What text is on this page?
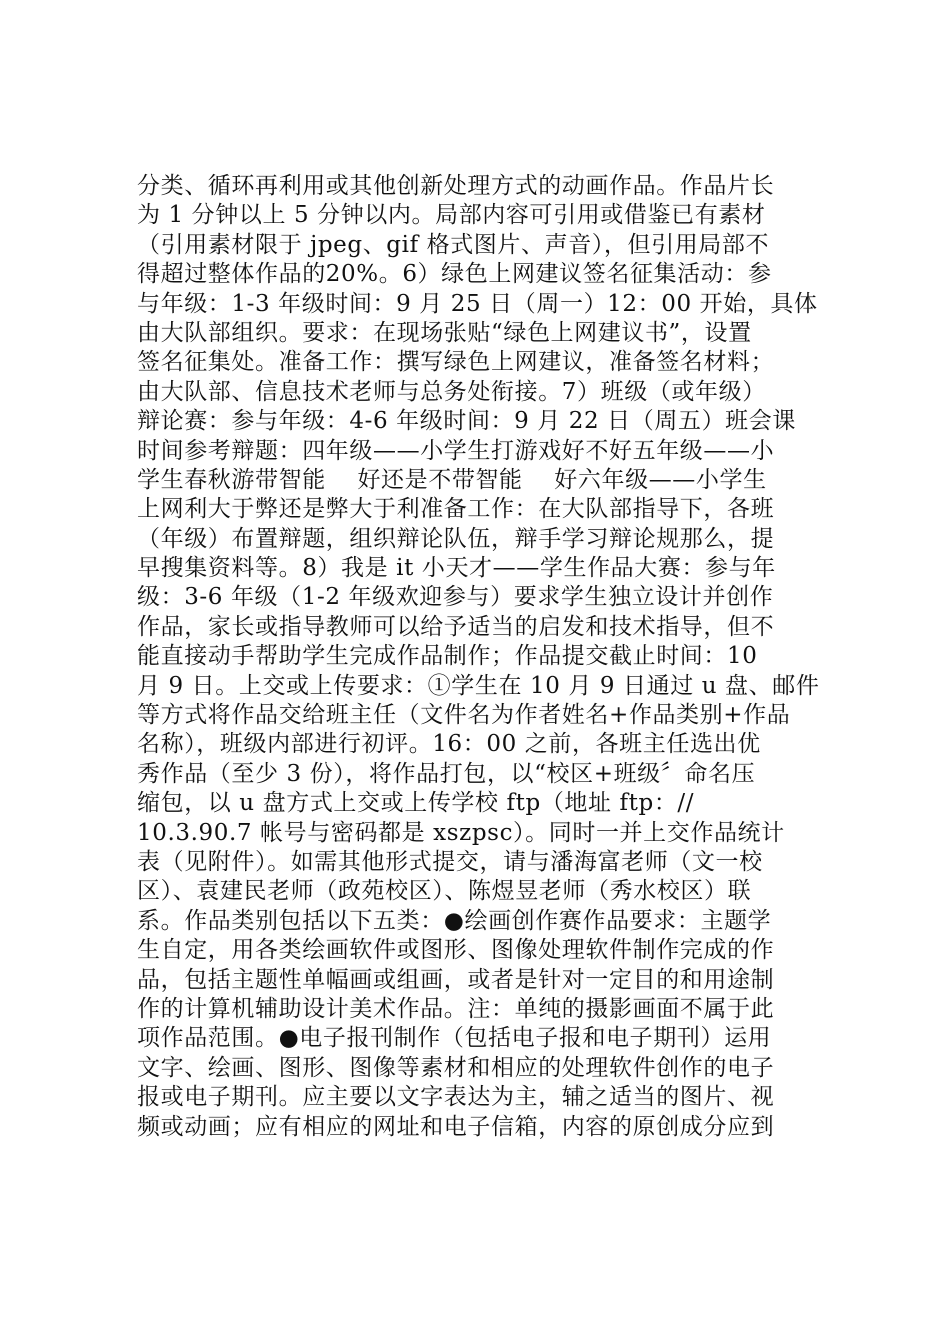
分类、循环再利用或其他创新处理方式的动画作品。作品片长
为 1 分钟以上 5 分钟以内。局部内容可引用或借鉴已有素材
（引用素材限于 jpeg、gif 格式图片、声音），但引用局部不
得超过整体作品的20%。6）绿色上网建议签名征集活动：参
与年级：1-3 年级时间：9 月 25 日（周一）12：00 开始，具体
由大队部组织。要求：在现场张贴“绿色上网建议书”，设置
签名征集处。准备工作：撰写绿色上网建议，准备签名材料；
由大队部、信息技术老师与总务处衔接。7）班级（或年级）
辩论赛：参与年级：4-6 年级时间：9 月 22 日（周五）班会课
时间参考辩题：四年级——小学生打游戏好不好五年级——小
学生春秋游带智能    好还是不带智能    好六年级——小学生
上网利大于弊还是弊大于利准备工作：在大队部指导下，各班
（年级）布置辩题，组织辩论队伍，辩手学习辩论规那么，提
早搜集资料等。8）我是 it 小天才——学生作品大赛：参与年
级：3-6 年级（1-2 年级欢迎参与）要求学生独立设计并创作
作品，家长或指导教师可以给予适当的启发和技术指导，但不
能直接动手帮助学生完成作品制作；作品提交截止时间：10
月 9 日。上交或上传要求：①学生在 10 月 9 日通过 u 盘、邮件
等方式将作品交给班主任（文件名为作者姓名+作品类别+作品
名称），班级内部进行初评。16：00 之前，各班主任选出优
秀作品（至少 3 份），将作品打包，以“校区+班级〞命名压
缩包，以 u 盘方式上交或上传学校 ftp（地址 ftp：//
10.3.90.7 帐号与密码都是 xszpsc）。同时一并上交作品统计
表（见附件）。如需其他形式提交，请与潘海富老师（文一校
区）、袁建民老师（政苑校区）、陈煜昱老师（秀水校区）联
系。作品类别包括以下五类：●绘画创作赛作品要求：主题学
生自定，用各类绘画软件或图形、图像处理软件制作完成的作
品，包括主题性单幅画或组画，或者是针对一定目的和用途制
作的计算机辅助设计美术作品。注：单纯的摄影画面不属于此
项作品范围。●电子报刊制作（包括电子报和电子期刊）运用
文字、绘画、图形、图像等素材和相应的处理软件创作的电子
报或电子期刊。应主要以文字表达为主，辅之适当的图片、视
频或动画；应有相应的网址和电子信箱，内容的原创成分应到
